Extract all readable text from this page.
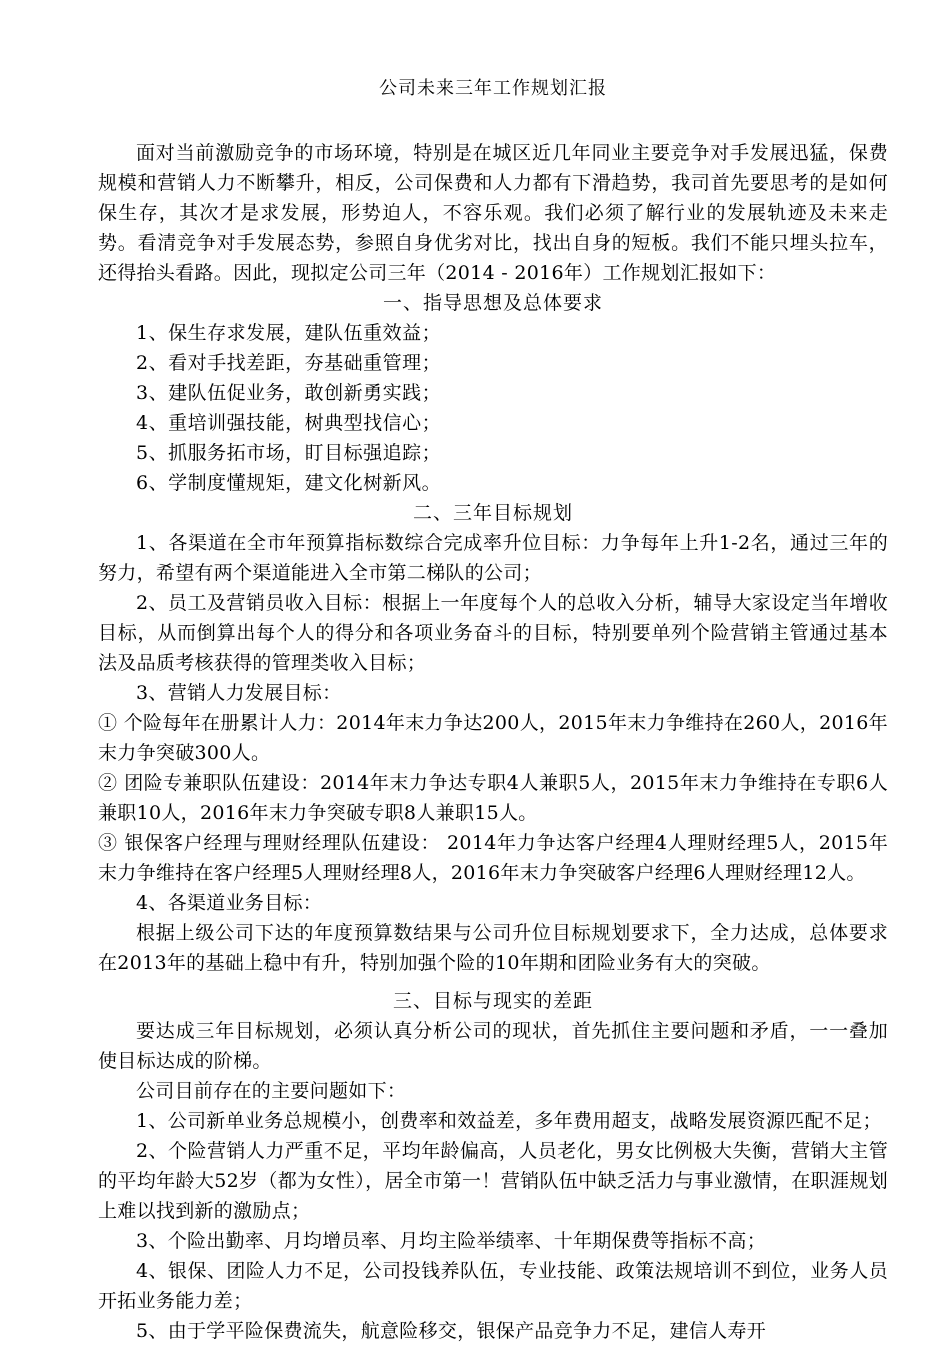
公司未来三年工作规划汇报

面对当前激励竞争的市场环境，特别是在城区近几年同业主要竞争对手发展迅猛，保费规模和营销人力不断攀升，相反，公司保费和人力都有下滑趋势，我司首先要思考的是如何保生存，其次才是求发展，形势迫人，不容乐观。我们必须了解行业的发展轨迹及未来走势。看清竞争对手发展态势，参照自身优劣对比，找出自身的短板。我们不能只埋头拉车，还得抬头看路。因此，现拟定公司三年（2014 - 2016年）工作规划汇报如下：

一、指导思想及总体要求

1、保生存求发展，建队伍重效益；

2、看对手找差距，夯基础重管理；

3、建队伍促业务，敢创新勇实践；

4、重培训强技能，树典型找信心；

5、抓服务拓市场，盯目标强追踪；

6、学制度懂规矩，建文化树新风。

二、三年目标规划

1、各渠道在全市年预算指标数综合完成率升位目标：力争每年上升1-2名，通过三年的努力，希望有两个渠道能进入全市第二梯队的公司；

2、员工及营销员收入目标：根据上一年度每个人的总收入分析，辅导大家设定当年增收目标，从而倒算出每个人的得分和各项业务奋斗的目标，特别要单列个险营销主管通过基本法及品质考核获得的管理类收入目标；

3、营销人力发展目标：

① 个险每年在册累计人力：2014年末力争达200人，2015年末力争维持在260人，2016年末力争突破300人。

② 团险专兼职队伍建设：2014年末力争达专职4人兼职5人，2015年末力争维持在专职6人兼职10人，2016年末力争突破专职8人兼职15人。

③ 银保客户经理与理财经理队伍建设： 2014年力争达客户经理4人理财经理5人，2015年末力争维持在客户经理5人理财经理8人，2016年末力争突破客户经理6人理财经理12人。

4、各渠道业务目标：

根据上级公司下达的年度预算数结果与公司升位目标规划要求下，全力达成，总体要求在2013年的基础上稳中有升，特别加强个险的10年期和团险业务有大的突破。

三、目标与现实的差距

要达成三年目标规划，必须认真分析公司的现状，首先抓住主要问题和矛盾，一一叠加使目标达成的阶梯。

公司目前存在的主要问题如下：

1、公司新单业务总规模小，创费率和效益差，多年费用超支，战略发展资源匹配不足；

2、个险营销人力严重不足，平均年龄偏高，人员老化，男女比例极大失衡，营销大主管的平均年龄大52岁（都为女性），居全市第一！营销队伍中缺乏活力与事业激情，在职涯规划上难以找到新的激励点；

3、个险出勤率、月均增员率、月均主险举绩率、十年期保费等指标不高；

4、银保、团险人力不足，公司投钱养队伍，专业技能、政策法规培训不到位，业务人员开拓业务能力差；

5、由于学平险保费流失，航意险移交，银保产品竞争力不足，建信人寿开
